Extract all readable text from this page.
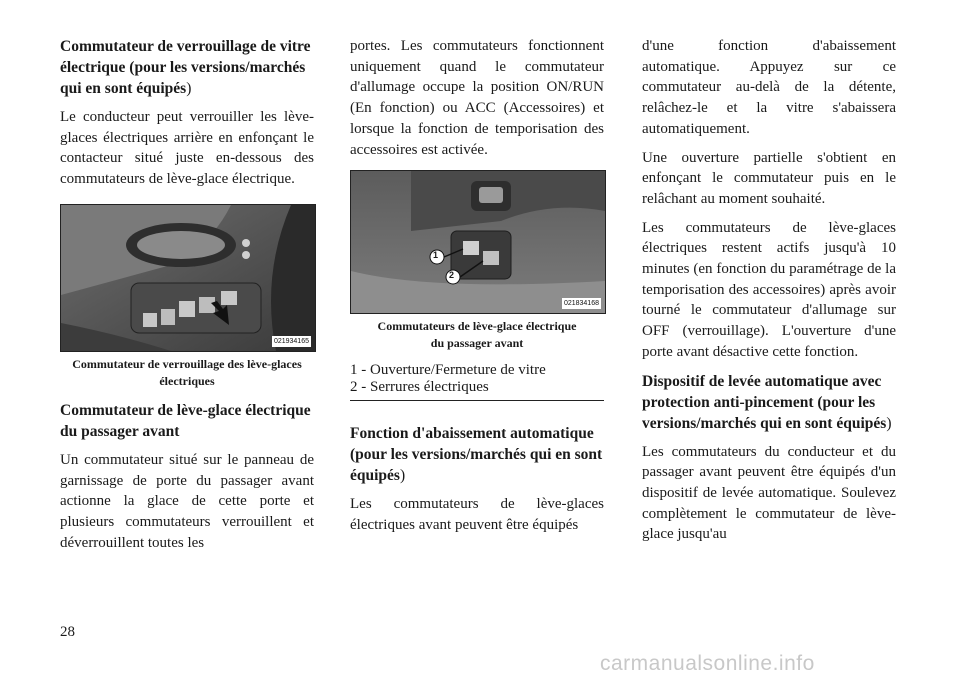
Commutateur de verrouillage de vitre électrique (pour les versions/marchés qui en sont équipés)
Le conducteur peut verrouiller les lève-glaces électriques arrière en enfonçant le contacteur situé juste en-dessous des commutateurs de lève-glace électrique.
021934165
Commutateur de verrouillage des lève-glaces électriques
Commutateur de lève-glace électrique du passager avant
Un commutateur situé sur le panneau de garnissage de porte du passager avant actionne la glace de cette porte et plusieurs commutateurs verrouillent et déverrouillent toutes les
portes. Les commutateurs fonctionnent uniquement quand le commutateur d'allumage occupe la position ON/RUN (En fonction) ou ACC (Accessoires) et lorsque la fonction de temporisation des accessoires est activée.
1
2
021834168
Commutateurs de lève-glace électrique du passager avant
1 - Ouverture/Fermeture de vitre
2 - Serrures électriques
Fonction d'abaissement automatique (pour les versions/marchés qui en sont équipés)
Les commutateurs de lève-glaces électriques avant peuvent être équipés
d'une fonction d'abaissement automatique. Appuyez sur ce commutateur au-delà de la détente, relâchez-le et la vitre s'abaissera automatiquement.
Une ouverture partielle s'obtient en enfonçant le commutateur puis en le relâchant au moment souhaité.
Les commutateurs de lève-glaces électriques restent actifs jusqu'à 10 minutes (en fonction du paramétrage de la temporisation des accessoires) après avoir tourné le commutateur d'allumage sur OFF (verrouillage). L'ouverture d'une porte avant désactive cette fonction.
Dispositif de levée automatique avec protection anti-pincement (pour les versions/marchés qui en sont équipés)
Les commutateurs du conducteur et du passager avant peuvent être équipés d'un dispositif de levée automatique. Soulevez complètement le commutateur de lève-glace jusqu'au
28
carmanualsonline.info
